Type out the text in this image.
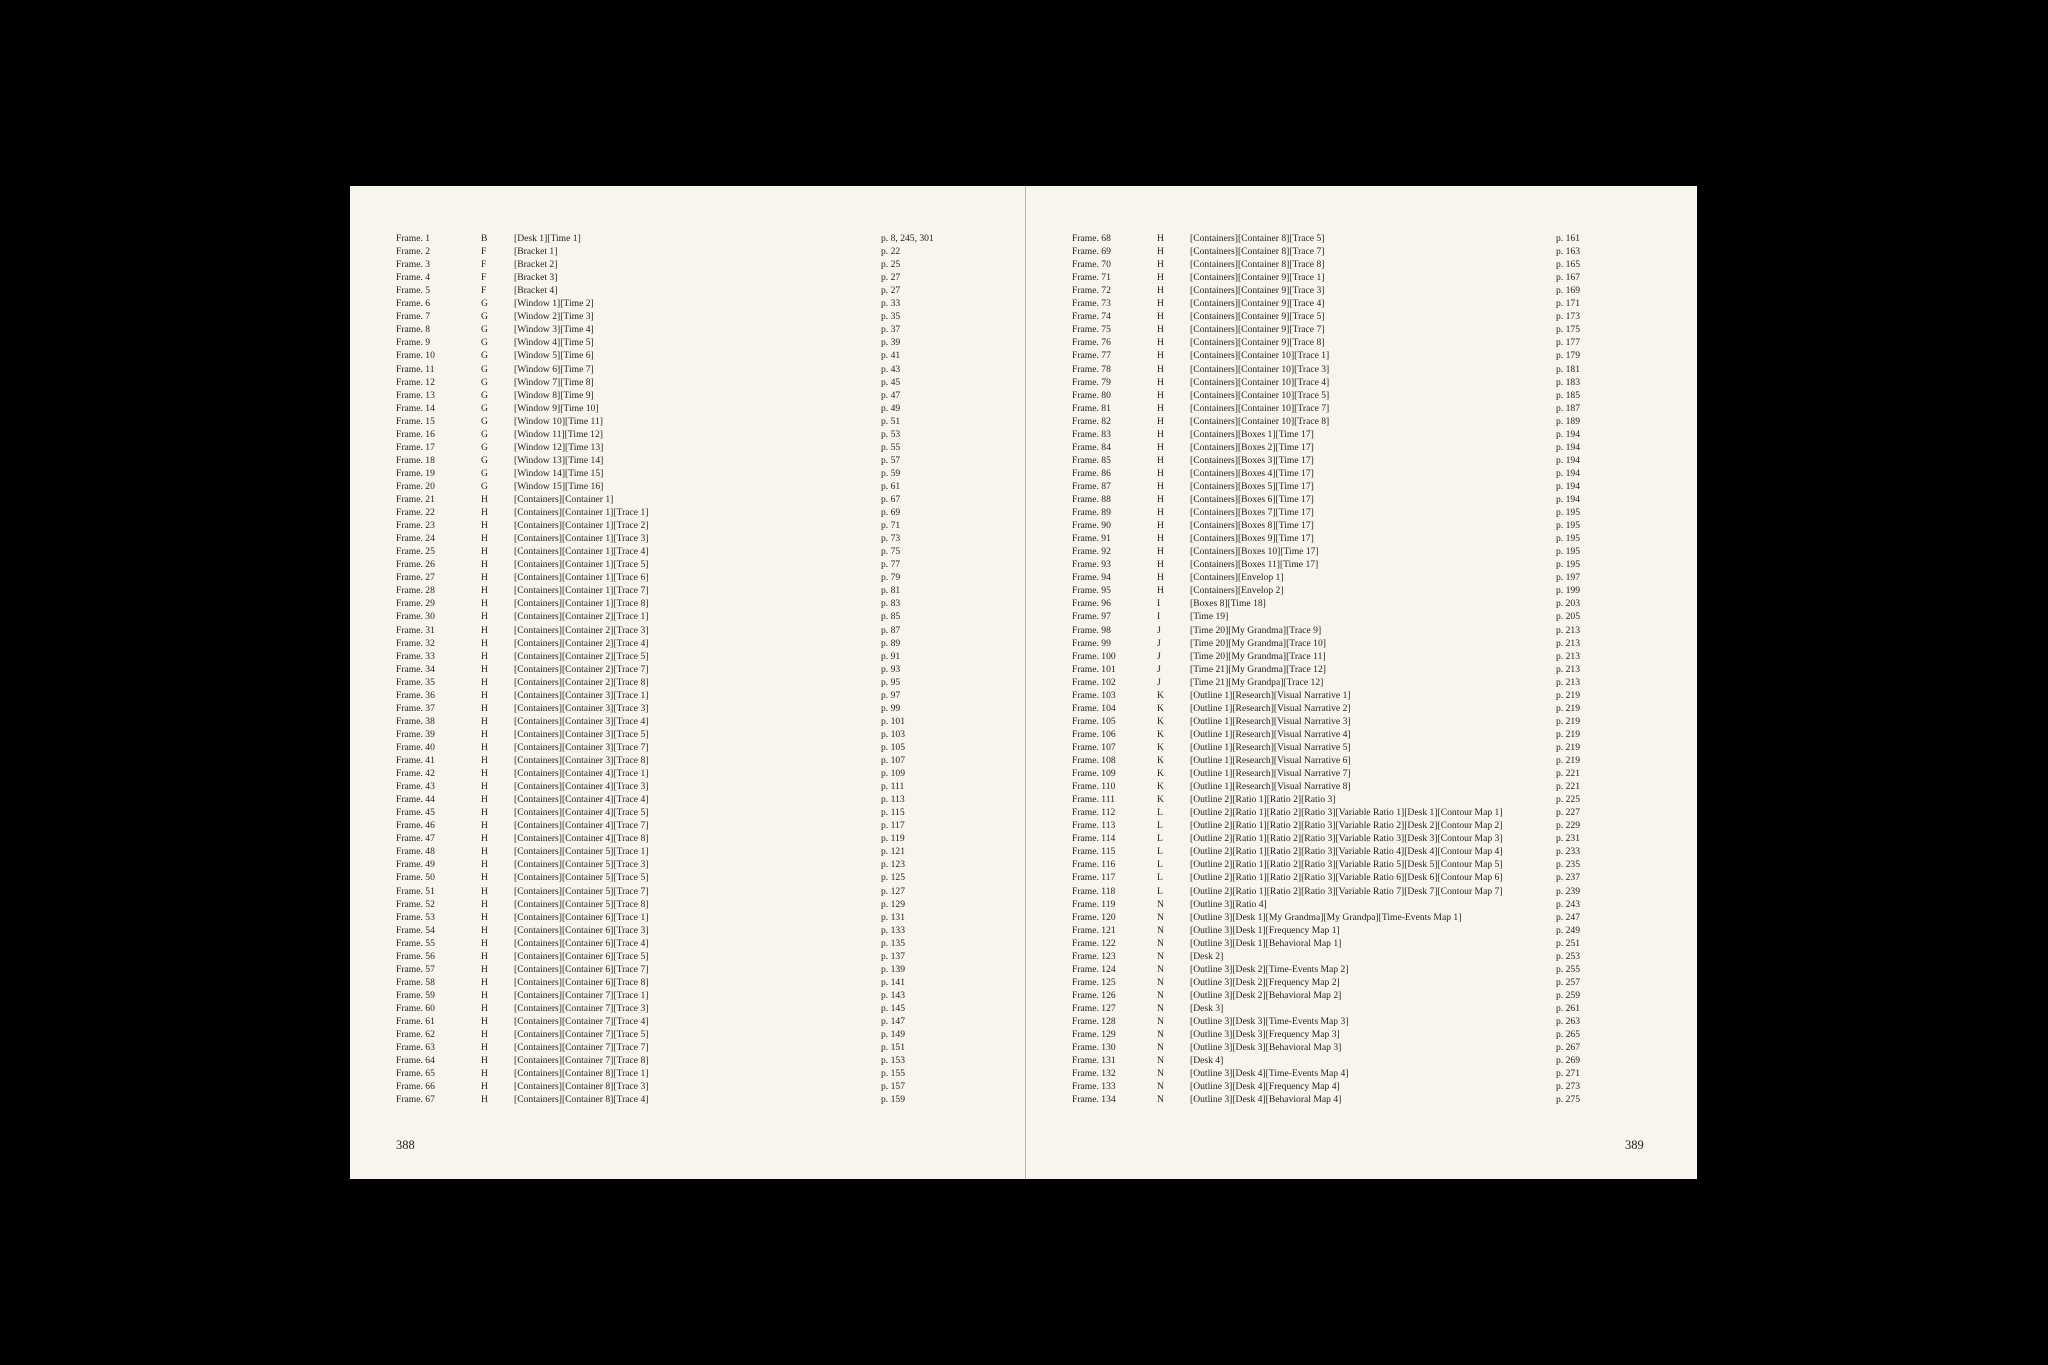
Frame. 1	B	[Desk 1][Time 1]	p. 8, 245, 301
Frame. 2	F	[Bracket 1]	p. 22
Frame. 3	F	[Bracket 2]	p. 25
Frame. 4	F	[Bracket 3]	p. 27
Frame. 5	F	[Bracket 4]	p. 27
Frame. 6	G	[Window 1][Time 2]	p. 33
Frame. 7	G	[Window 2][Time 3]	p. 35
Frame. 8	G	[Window 3][Time 4]	p. 37
Frame. 9	G	[Window 4][Time 5]	p. 39
Frame. 10	G	[Window 5][Time 6]	p. 41
Frame. 11	G	[Window 6][Time 7]	p. 43
Frame. 12	G	[Window 7][Time 8]	p. 45
Frame. 13	G	[Window 8][Time 9]	p. 47
Frame. 14	G	[Window 9][Time 10]	p. 49
Frame. 15	G	[Window 10][Time 11]	p. 51
Frame. 16	G	[Window 11][Time 12]	p. 53
Frame. 17	G	[Window 12][Time 13]	p. 55
Frame. 18	G	[Window 13][Time 14]	p. 57
Frame. 19	G	[Window 14][Time 15]	p. 59
Frame. 20	G	[Window 15][Time 16]	p. 61
Frame. 21	H	[Containers][Container 1]	p. 67
Frame. 22	H	[Containers][Container 1][Trace 1]	p. 69
Frame. 23	H	[Containers][Container 1][Trace 2]	p. 71
Frame. 24	H	[Containers][Container 1][Trace 3]	p. 73
Frame. 25	H	[Containers][Container 1][Trace 4]	p. 75
Frame. 26	H	[Containers][Container 1][Trace 5]	p. 77
Frame. 27	H	[Containers][Container 1][Trace 6]	p. 79
Frame. 28	H	[Containers][Container 1][Trace 7]	p. 81
Frame. 29	H	[Containers][Container 1][Trace 8]	p. 83
Frame. 30	H	[Containers][Container 2][Trace 1]	p. 85
Frame. 31	H	[Containers][Container 2][Trace 3]	p. 87
Frame. 32	H	[Containers][Container 2][Trace 4]	p. 89
Frame. 33	H	[Containers][Container 2][Trace 5]	p. 91
Frame. 34	H	[Containers][Container 2][Trace 7]	p. 93
Frame. 35	H	[Containers][Container 2][Trace 8]	p. 95
Frame. 36	H	[Containers][Container 3][Trace 1]	p. 97
Frame. 37	H	[Containers][Container 3][Trace 3]	p. 99
Frame. 38	H	[Containers][Container 3][Trace 4]	p. 101
Frame. 39	H	[Containers][Container 3][Trace 5]	p. 103
Frame. 40	H	[Containers][Container 3][Trace 7]	p. 105
Frame. 41	H	[Containers][Container 3][Trace 8]	p. 107
Frame. 42	H	[Containers][Container 4][Trace 1]	p. 109
Frame. 43	H	[Containers][Container 4][Trace 3]	p. 111
Frame. 44	H	[Containers][Container 4][Trace 4]	p. 113
Frame. 45	H	[Containers][Container 4][Trace 5]	p. 115
Frame. 46	H	[Containers][Container 4][Trace 7]	p. 117
Frame. 47	H	[Containers][Container 4][Trace 8]	p. 119
Frame. 48	H	[Containers][Container 5][Trace 1]	p. 121
Frame. 49	H	[Containers][Container 5][Trace 3]	p. 123
Frame. 50	H	[Containers][Container 5][Trace 5]	p. 125
Frame. 51	H	[Containers][Container 5][Trace 7]	p. 127
Frame. 52	H	[Containers][Container 5][Trace 8]	p. 129
Frame. 53	H	[Containers][Container 6][Trace 1]	p. 131
Frame. 54	H	[Containers][Container 6][Trace 3]	p. 133
Frame. 55	H	[Containers][Container 6][Trace 4]	p. 135
Frame. 56	H	[Containers][Container 6][Trace 5]	p. 137
Frame. 57	H	[Containers][Container 6][Trace 7]	p. 139
Frame. 58	H	[Containers][Container 6][Trace 8]	p. 141
Frame. 59	H	[Containers][Container 7][Trace 1]	p. 143
Frame. 60	H	[Containers][Container 7][Trace 3]	p. 145
Frame. 61	H	[Containers][Container 7][Trace 4]	p. 147
Frame. 62	H	[Containers][Container 7][Trace 5]	p. 149
Frame. 63	H	[Containers][Container 7][Trace 7]	p. 151
Frame. 64	H	[Containers][Container 7][Trace 8]	p. 153
Frame. 65	H	[Containers][Container 8][Trace 1]	p. 155
Frame. 66	H	[Containers][Container 8][Trace 3]	p. 157
Frame. 67	H	[Containers][Container 8][Trace 4]	p. 159
388
Frame. 68	H	[Containers][Container 8][Trace 5]	p. 161
Frame. 69	H	[Containers][Container 8][Trace 7]	p. 163
Frame. 70	H	[Containers][Container 8][Trace 8]	p. 165
Frame. 71	H	[Containers][Container 9][Trace 1]	p. 167
Frame. 72	H	[Containers][Container 9][Trace 3]	p. 169
Frame. 73	H	[Containers][Container 9][Trace 4]	p. 171
Frame. 74	H	[Containers][Container 9][Trace 5]	p. 173
Frame. 75	H	[Containers][Container 9][Trace 7]	p. 175
Frame. 76	H	[Containers][Container 9][Trace 8]	p. 177
Frame. 77	H	[Containers][Container 10][Trace 1]	p. 179
Frame. 78	H	[Containers][Container 10][Trace 3]	p. 181
Frame. 79	H	[Containers][Container 10][Trace 4]	p. 183
Frame. 80	H	[Containers][Container 10][Trace 5]	p. 185
Frame. 81	H	[Containers][Container 10][Trace 7]	p. 187
Frame. 82	H	[Containers][Container 10][Trace 8]	p. 189
Frame. 83	H	[Containers][Boxes 1][Time 17]	p. 194
Frame. 84	H	[Containers][Boxes 2][Time 17]	p. 194
Frame. 85	H	[Containers][Boxes 3][Time 17]	p. 194
Frame. 86	H	[Containers][Boxes 4][Time 17]	p. 194
Frame. 87	H	[Containers][Boxes 5][Time 17]	p. 194
Frame. 88	H	[Containers][Boxes 6][Time 17]	p. 194
Frame. 89	H	[Containers][Boxes 7][Time 17]	p. 195
Frame. 90	H	[Containers][Boxes 8][Time 17]	p. 195
Frame. 91	H	[Containers][Boxes 9][Time 17]	p. 195
Frame. 92	H	[Containers][Boxes 10][Time 17]	p. 195
Frame. 93	H	[Containers][Boxes 11][Time 17]	p. 195
Frame. 94	H	[Containers][Envelop 1]	p. 197
Frame. 95	H	[Containers][Envelop 2]	p. 199
Frame. 96	I	[Boxes 8][Time 18]	p. 203
Frame. 97	I	[Time 19]	p. 205
Frame. 98	J	[Time 20][My Grandma][Trace 9]	p. 213
Frame. 99	J	[Time 20][My Grandma][Trace 10]	p. 213
Frame. 100	J	[Time 20][My Grandma][Trace 11]	p. 213
Frame. 101	J	[Time 21][My Grandma][Trace 12]	p. 213
Frame. 102	J	[Time 21][My Grandpa][Trace 12]	p. 213
Frame. 103	K	[Outline 1][Research][Visual Narrative 1]	p. 219
Frame. 104	K	[Outline 1][Research][Visual Narrative 2]	p. 219
Frame. 105	K	[Outline 1][Research][Visual Narrative 3]	p. 219
Frame. 106	K	[Outline 1][Research][Visual Narrative 4]	p. 219
Frame. 107	K	[Outline 1][Research][Visual Narrative 5]	p. 219
Frame. 108	K	[Outline 1][Research][Visual Narrative 6]	p. 219
Frame. 109	K	[Outline 1][Research][Visual Narrative 7]	p. 221
Frame. 110	K	[Outline 1][Research][Visual Narrative 8]	p. 221
Frame. 111	K	[Outline 2][Ratio 1][Ratio 2][Ratio 3]	p. 225
Frame. 112	L	[Outline 2][Ratio 1][Ratio 2][Ratio 3][Variable Ratio 1][Desk 1][Contour Map 1]	p. 227
Frame. 113	L	[Outline 2][Ratio 1][Ratio 2][Ratio 3][Variable Ratio 2][Desk 2][Contour Map 2]	p. 229
Frame. 114	L	[Outline 2][Ratio 1][Ratio 2][Ratio 3][Variable Ratio 3][Desk 3][Contour Map 3]	p. 231
Frame. 115	L	[Outline 2][Ratio 1][Ratio 2][Ratio 3][Variable Ratio 4][Desk 4][Contour Map 4]	p. 233
Frame. 116	L	[Outline 2][Ratio 1][Ratio 2][Ratio 3][Variable Ratio 5][Desk 5][Contour Map 5]	p. 235
Frame. 117	L	[Outline 2][Ratio 1][Ratio 2][Ratio 3][Variable Ratio 6][Desk 6][Contour Map 6]	p. 237
Frame. 118	L	[Outline 2][Ratio 1][Ratio 2][Ratio 3][Variable Ratio 7][Desk 7][Contour Map 7]	p. 239
Frame. 119	N	[Outline 3][Ratio 4]	p. 243
Frame. 120	N	[Outline 3][Desk 1][My Grandma][My Grandpa][Time-Events Map 1]	p. 247
Frame. 121	N	[Outline 3][Desk 1][Frequency Map 1]	p. 249
Frame. 122	N	[Outline 3][Desk 1][Behavioral Map 1]	p. 251
Frame. 123	N	[Desk 2]	p. 253
Frame. 124	N	[Outline 3][Desk 2][Time-Events Map 2]	p. 255
Frame. 125	N	[Outline 3][Desk 2][Frequency Map 2]	p. 257
Frame. 126	N	[Outline 3][Desk 2][Behavioral Map 2]	p. 259
Frame. 127	N	[Desk 3]	p. 261
Frame. 128	N	[Outline 3][Desk 3][Time-Events Map 3]	p. 263
Frame. 129	N	[Outline 3][Desk 3][Frequency Map 3]	p. 265
Frame. 130	N	[Outline 3][Desk 3][Behavioral Map 3]	p. 267
Frame. 131	N	[Desk 4]	p. 269
Frame. 132	N	[Outline 3][Desk 4][Time-Events Map 4]	p. 271
Frame. 133	N	[Outline 3][Desk 4][Frequency Map 4]	p. 273
Frame. 134	N	[Outline 3][Desk 4][Behavioral Map 4]	p. 275
389
